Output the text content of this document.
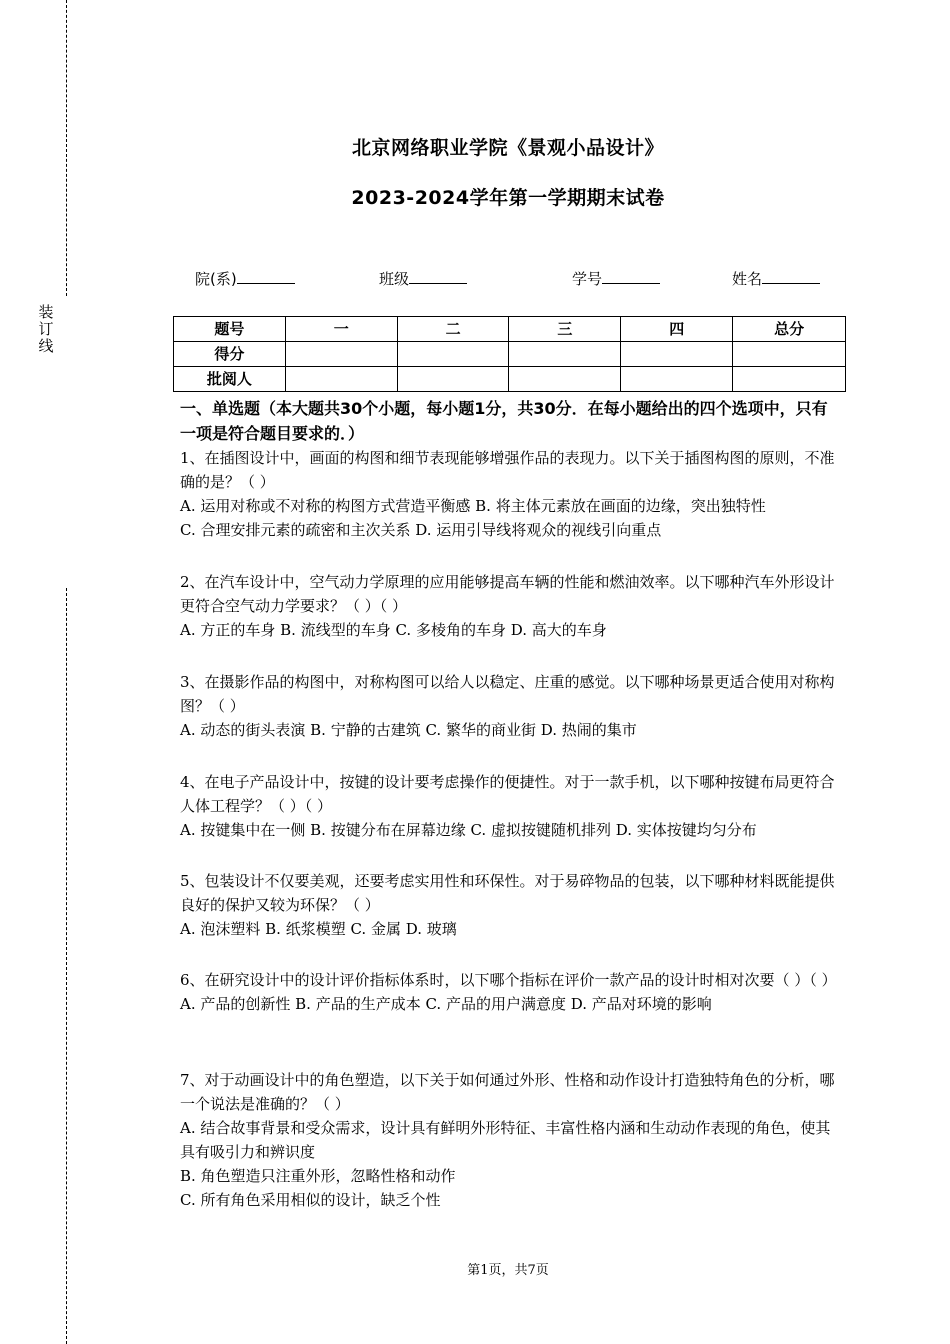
装
订
线
北京网络职业学院《景观小品设计》
2023-2024学年第一学期期末试卷
院(系)	班级	学号	姓名
题号	一	二	三	四	总分
得分					
批阅人					
一、单选题（本大题共30个小题，每小题1分，共30分．在每小题给出的四个选项中，只有一项是符合题目要求的．）
1、在插图设计中，画面的构图和细节表现能够增强作品的表现力。以下关于插图构图的原则，不准确的是？（ ）
A. 运用对称或不对称的构图方式营造平衡感 B. 将主体元素放在画面的边缘，突出独特性
C. 合理安排元素的疏密和主次关系 D. 运用引导线将观众的视线引向重点
2、在汽车设计中，空气动力学原理的应用能够提高车辆的性能和燃油效率。以下哪种汽车外形设计更符合空气动力学要求？（ ）（ ）
A. 方正的车身 B. 流线型的车身 C. 多棱角的车身 D. 高大的车身
3、在摄影作品的构图中，对称构图可以给人以稳定、庄重的感觉。以下哪种场景更适合使用对称构图？（ ）
A. 动态的街头表演 B. 宁静的古建筑 C. 繁华的商业街 D. 热闹的集市
4、在电子产品设计中，按键的设计要考虑操作的便捷性。对于一款手机，以下哪种按键布局更符合人体工程学？（ ）（ ）
A. 按键集中在一侧 B. 按键分布在屏幕边缘 C. 虚拟按键随机排列 D. 实体按键均匀分布
5、包装设计不仅要美观，还要考虑实用性和环保性。对于易碎物品的包装，以下哪种材料既能提供良好的保护又较为环保？（ ）
A. 泡沫塑料 B. 纸浆模塑 C. 金属 D. 玻璃
6、在研究设计中的设计评价指标体系时，以下哪个指标在评价一款产品的设计时相对次要（ ）（ ）
A. 产品的创新性 B. 产品的生产成本 C. 产品的用户满意度 D. 产品对环境的影响
7、对于动画设计中的角色塑造，以下关于如何通过外形、性格和动作设计打造独特角色的分析，哪一个说法是准确的？（ ）
A. 结合故事背景和受众需求，设计具有鲜明外形特征、丰富性格内涵和生动动作表现的角色，使其具有吸引力和辨识度
B. 角色塑造只注重外形，忽略性格和动作
C. 所有角色采用相似的设计，缺乏个性
第1页，共7页
